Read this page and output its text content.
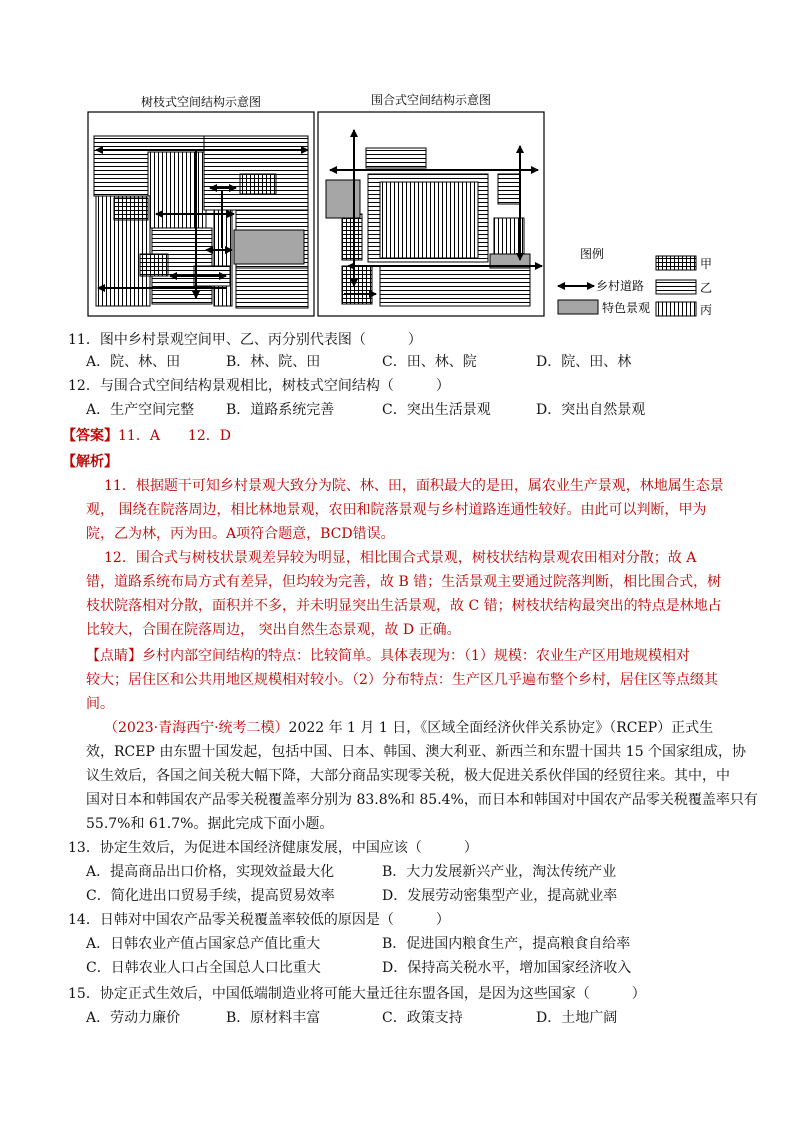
树枝式空间结构示意图	围合式空间结构示意图
图例
甲
乡村道路	乙
特色景观	丙
11．图中乡村景观空间甲、乙、丙分别代表图（　　　）
A．院、林、田	B．林、院、田	C．田、林、院	D．院、田、林
12．与围合式空间结构景观相比，树枝式空间结构（　　　）
A．生产空间完整 B．道路系统完善	C．突出生活景观	D．突出自然景观
【答案】11．A　　12．D
【解析】
11．根据题干可知乡村景观大致分为院、林、田，面积最大的是田，属农业生产景观，林地属生态景
观， 围绕在院落周边，相比林地景观，农田和院落景观与乡村道路连通性较好。由此可以判断，甲为
院，乙为林，丙为田。A项符合题意，BCD错误。
12．围合式与树枝状景观差异较为明显，相比围合式景观，树枝状结构景观农田相对分散；故 A
错，道路系统布局方式有差异，但均较为完善，故 B 错；生活景观主要通过院落判断，相比围合式，树
枝状院落相对分散，面积并不多，并未明显突出生活景观，故 C 错；树枝状结构最突出的特点是林地占
比较大，合围在院落周边， 突出自然生态景观，故 D 正确。
【点睛】乡村内部空间结构的特点：比较简单。具体表现为：（1）规模：农业生产区用地规模相对
较大；居住区和公共用地区规模相对较小。（2）分布特点：生产区几乎遍布整个乡村，居住区等点缀其
间。
（2023·青海西宁·统考二模）2022 年 1 月 1 日，《区域全面经济伙伴关系协定》（RCEP）正式生
效，RCEP 由东盟十国发起，包括中国、日本、韩国、澳大利亚、新西兰和东盟十国共 15 个国家组成，协
议生效后，各国之间关税大幅下降，大部分商品实现零关税，极大促进关系伙伴国的经贸往来。其中，中
国对日本和韩国农产品零关税覆盖率分别为 83.8%和 85.4%，而日本和韩国对中国农产品零关税覆盖率只有
55.7%和 61.7%。据此完成下面小题。
13．协定生效后，为促进本国经济健康发展，中国应该（　　　）
A．提高商品出口价格，实现效益最大化	B．大力发展新兴产业，淘汰传统产业
C．简化进出口贸易手续，提高贸易效率	D．发展劳动密集型产业，提高就业率
14．日韩对中国农产品零关税覆盖率较低的原因是（　　　）
A．日韩农业产值占国家总产值比重大	B．促进国内粮食生产，提高粮食自给率
C．日韩农业人口占全国总人口比重大	D．保持高关税水平，增加国家经济收入
15．协定正式生效后，中国低端制造业将可能大量迁往东盟各国，是因为这些国家（　　　）
A．劳动力廉价	B．原材料丰富	C．政策支持	D．土地广阔
